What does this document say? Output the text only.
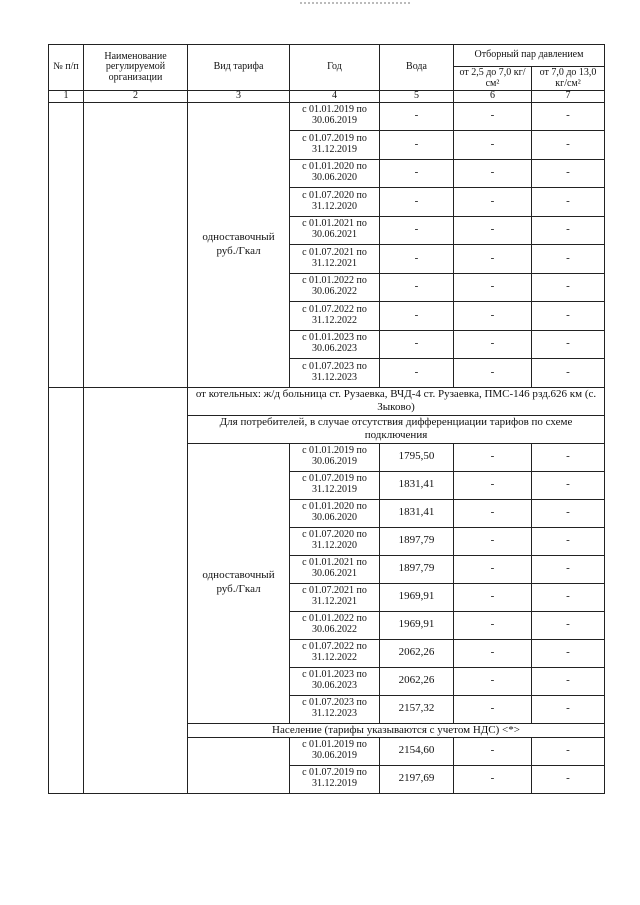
№ п/п	Наименование регулируемой организации	Вид тарифа	Год	Вода	Отборный пар давлением	
					от 2,5 до 7,0 кг/см²	от 7,0 до 13,0 кг/см²
1	2	3	4	5	6	7
		одноставочный руб./Гкал	с 01.01.2019 по 30.06.2019	-	-	-
			с 01.07.2019 по 31.12.2019	-	-	-
			с 01.01.2020 по 30.06.2020	-	-	-
			с 01.07.2020 по 31.12.2020	-	-	-
			с 01.01.2021 по 30.06.2021	-	-	-
			с 01.07.2021 по 31.12.2021	-	-	-
			с 01.01.2022 по 30.06.2022	-	-	-
			с 01.07.2022 по 31.12.2022	-	-	-
			с 01.01.2023 по 30.06.2023	-	-	-
			с 01.07.2023 по 31.12.2023	-	-	-
		от котельных: ж/д больница ст. Рузаевка, ВЧД-4 ст. Рузаевка, ПМС-146 рзд.626 км (с. Зыково)				
		Для потребителей, в случае отсутствия дифференциации тарифов по схеме подключения				
		одноставочный руб./Гкал	с 01.01.2019 по 30.06.2019	1795,50	-	-
			с 01.07.2019 по 31.12.2019	1831,41	-	-
			с 01.01.2020 по 30.06.2020	1831,41	-	-
			с 01.07.2020 по 31.12.2020	1897,79	-	-
			с 01.01.2021 по 30.06.2021	1897,79	-	-
			с 01.07.2021 по 31.12.2021	1969,91	-	-
			с 01.01.2022 по 30.06.2022	1969,91	-	-
			с 01.07.2022 по 31.12.2022	2062,26	-	-
			с 01.01.2023 по 30.06.2023	2062,26	-	-
			с 01.07.2023 по 31.12.2023	2157,32	-	-
		Население (тарифы указываются с учетом НДС) <*>				
			с 01.01.2019 по 30.06.2019	2154,60	-	-
			с 01.07.2019 по 31.12.2019	2197,69	-	-
